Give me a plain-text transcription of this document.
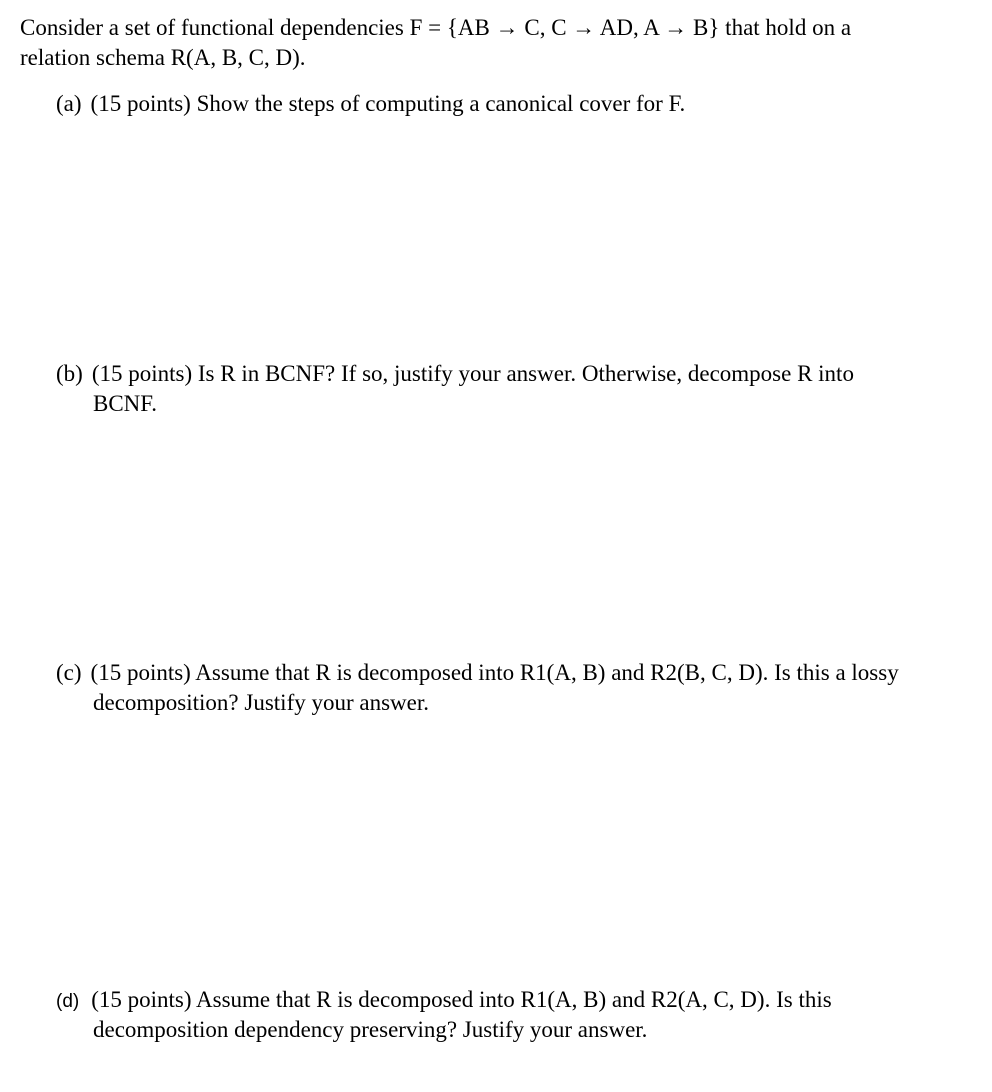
Consider a set of functional dependencies F = {AB → C, C → AD, A → B} that hold on a
relation schema R(A, B, C, D).
(a) (15 points) Show the steps of computing a canonical cover for F.
(b) (15 points) Is R in BCNF? If so, justify your answer. Otherwise, decompose R into
BCNF.
(c) (15 points) Assume that R is decomposed into R1(A, B) and R2(B, C, D). Is this a lossy
decomposition? Justify your answer.
(d) (15 points) Assume that R is decomposed into R1(A, B) and R2(A, C, D). Is this
decomposition dependency preserving? Justify your answer.
